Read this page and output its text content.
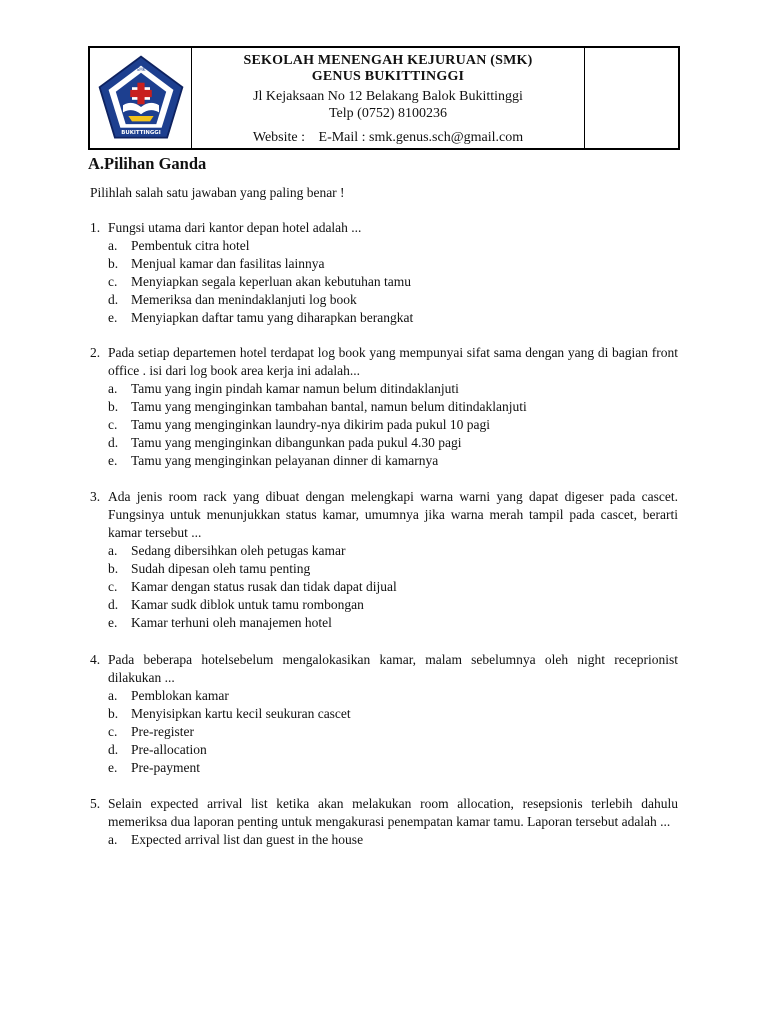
BUKITTINGGI
SMK
SEKOLAH MENENGAH KEJURUAN (SMK)
GENUS BUKITTINGGI
Jl Kejaksaan No 12 Belakang Balok Bukittinggi
Telp (0752) 8100236
Website : E-Mail : smk.genus.sch@gmail.com
A.Pilihan Ganda
Pilihlah salah satu jawaban yang paling benar !
1. Fungsi utama dari kantor depan hotel adalah ...
a.	Pembentuk citra hotel
b. Menjual kamar dan fasilitas lainnya
c.	Menyiapkan segala keperluan akan kebutuhan tamu
d. Memeriksa dan menindaklanjuti log book
e.	Menyiapkan daftar tamu yang diharapkan berangkat
2. Pada setiap departemen hotel terdapat log book yang mempunyai sifat sama dengan yang di bagian front office . isi dari log book area kerja ini adalah...
a.	Tamu yang ingin pindah kamar namun belum ditindaklanjuti
b. Tamu yang menginginkan tambahan bantal, namun belum ditindaklanjuti
c.	Tamu yang menginginkan laundry-nya dikirim pada pukul 10 pagi
d. Tamu yang menginginkan dibangunkan pada pukul 4.30 pagi
e.	Tamu yang menginginkan pelayanan dinner di kamarnya
3. Ada jenis room rack yang dibuat dengan melengkapi warna warni yang dapat digeser pada cascet. Fungsinya untuk menunjukkan status kamar, umumnya jika warna merah tampil pada cascet, berarti kamar tersebut ...
a.	Sedang dibersihkan oleh petugas kamar
b. Sudah dipesan oleh tamu penting
c.	Kamar dengan status rusak dan tidak dapat dijual
d. Kamar sudk diblok untuk tamu rombongan
e.	Kamar terhuni oleh manajemen hotel
4. Pada beberapa hotelsebelum mengalokasikan kamar, malam sebelumnya oleh night receprionist dilakukan ...
a.	Pemblokan kamar
b. Menyisipkan kartu kecil seukuran cascet
c.	Pre-register
d. Pre-allocation
e.	Pre-payment
5. Selain expected arrival list ketika akan melakukan room allocation, resepsionis terlebih dahulu memeriksa dua laporan penting untuk mengakurasi penempatan kamar tamu. Laporan tersebut adalah ...
a.	Expected arrival list dan guest in the house
